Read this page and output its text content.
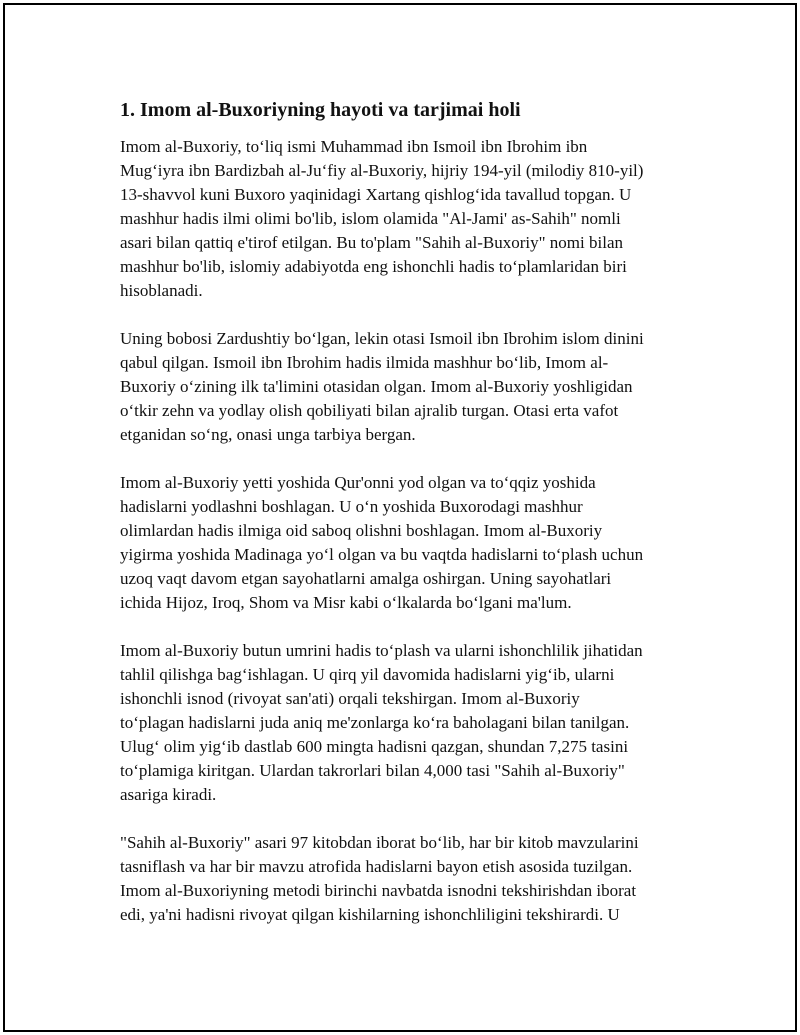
1. Imom al-Buxoriyning hayoti va tarjimai holi

Imom al-Buxoriy, to‘liq ismi Muhammad ibn Ismoil ibn Ibrohim ibn
Mug‘iyra ibn Bardizbah al-Ju‘fiy al-Buxoriy, hijriy 194-yil (milodiy 810-yil)
13-shavvol kuni Buxoro yaqinidagi Xartang qishlog‘ida tavallud topgan. U
mashhur hadis ilmi olimi bo'lib, islom olamida "Al-Jami' as-Sahih" nomli
asari bilan qattiq e'tirof etilgan. Bu to'plam "Sahih al-Buxoriy" nomi bilan
mashhur bo'lib, islomiy adabiyotda eng ishonchli hadis to‘plamlaridan biri
hisoblanadi.

Uning bobosi Zardushtiy bo‘lgan, lekin otasi Ismoil ibn Ibrohim islom dinini
qabul qilgan. Ismoil ibn Ibrohim hadis ilmida mashhur bo‘lib, Imom al-
Buxoriy o‘zining ilk ta'limini otasidan olgan. Imom al-Buxoriy yoshligidan
o‘tkir zehn va yodlay olish qobiliyati bilan ajralib turgan. Otasi erta vafot
etganidan so‘ng, onasi unga tarbiya bergan.

Imom al-Buxoriy yetti yoshida Qur'onni yod olgan va to‘qqiz yoshida
hadislarni yodlashni boshlagan. U o‘n yoshida Buxorodagi mashhur
olimlardan hadis ilmiga oid saboq olishni boshlagan. Imom al-Buxoriy
yigirma yoshida Madinaga yo‘l olgan va bu vaqtda hadislarni to‘plash uchun
uzoq vaqt davom etgan sayohatlarni amalga oshirgan. Uning sayohatlari
ichida Hijoz, Iroq, Shom va Misr kabi o‘lkalarda bo‘lgani ma'lum.

Imom al-Buxoriy butun umrini hadis to‘plash va ularni ishonchlilik jihatidan
tahlil qilishga bag‘ishlagan. U qirq yil davomida hadislarni yig‘ib, ularni
ishonchli isnod (rivoyat san'ati) orqali tekshirgan. Imom al-Buxoriy
to‘plagan hadislarni juda aniq me'zonlarga ko‘ra baholagani bilan tanilgan.
Ulug‘ olim yig‘ib dastlab 600 mingta hadisni qazgan, shundan 7,275 tasini
to‘plamiga kiritgan. Ulardan takrorlari bilan 4,000 tasi "Sahih al-Buxoriy"
asariga kiradi.

"Sahih al-Buxoriy" asari 97 kitobdan iborat bo‘lib, har bir kitob mavzularini
tasniflash va har bir mavzu atrofida hadislarni bayon etish asosida tuzilgan.
Imom al-Buxoriyning metodi birinchi navbatda isnodni tekshirishdan iborat
edi, ya'ni hadisni rivoyat qilgan kishilarning ishonchliligini tekshirardi. U
